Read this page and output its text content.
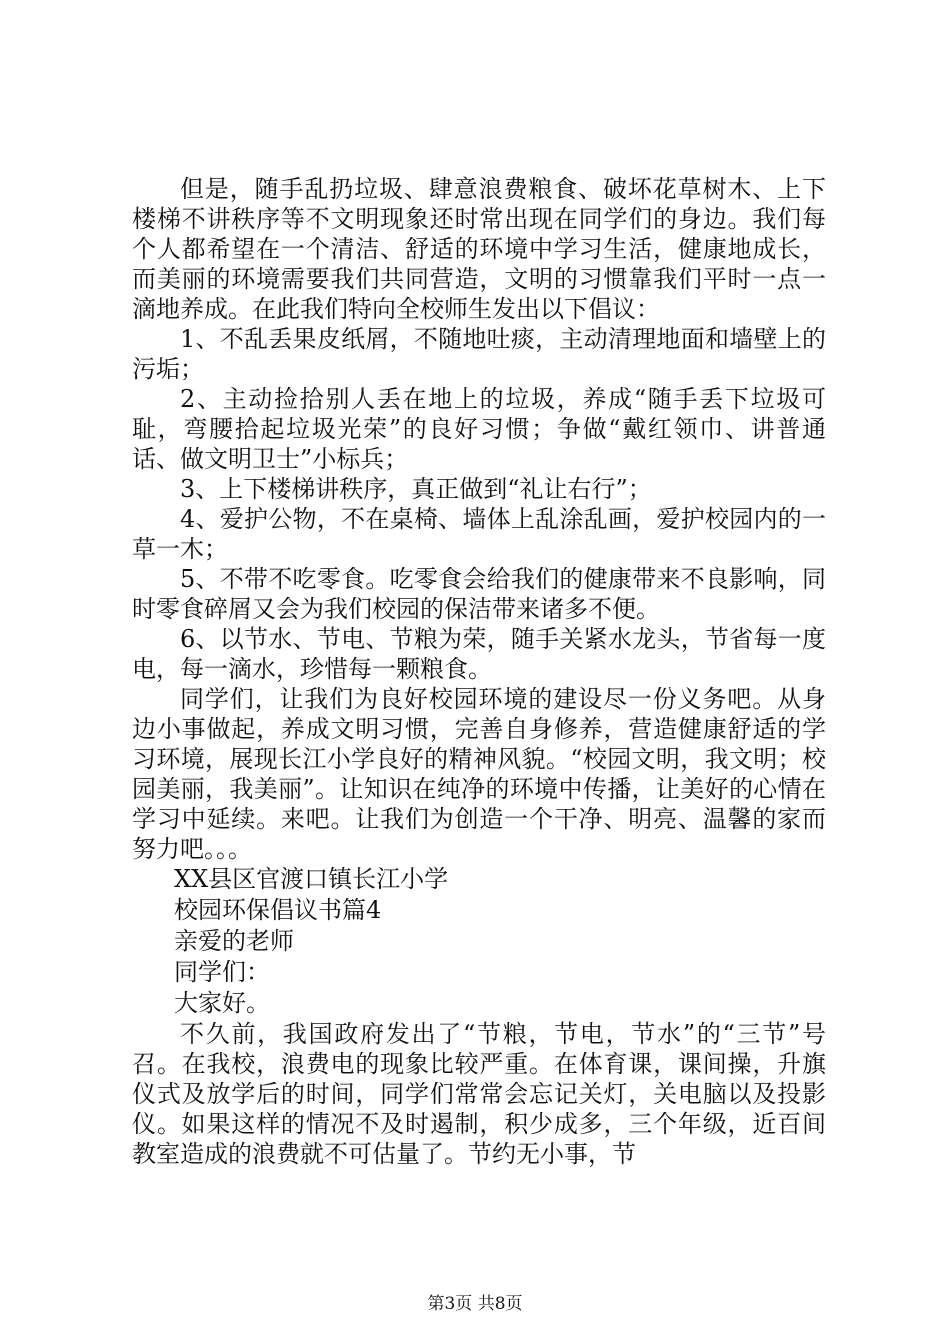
但是，随手乱扔垃圾、肆意浪费粮食、破坏花草树木、上下楼梯不讲秩序等不文明现象还时常出现在同学们的身边。我们每个人都希望在一个清洁、舒适的环境中学习生活，健康地成长，而美丽的环境需要我们共同营造，文明的习惯靠我们平时一点一滴地养成。在此我们特向全校师生发出以下倡议：

1、不乱丢果皮纸屑，不随地吐痰，主动清理地面和墙壁上的污垢；

2、主动捡拾别人丢在地上的垃圾，养成“随手丢下垃圾可耻，弯腰拾起垃圾光荣”的良好习惯；争做“戴红领巾、讲普通话、做文明卫士”小标兵；

3、上下楼梯讲秩序，真正做到“礼让右行”；

4、爱护公物，不在桌椅、墙体上乱涂乱画，爱护校园内的一草一木；

5、不带不吃零食。吃零食会给我们的健康带来不良影响，同时零食碎屑又会为我们校园的保洁带来诸多不便。

6、以节水、节电、节粮为荣，随手关紧水龙头，节省每一度电，每一滴水，珍惜每一颗粮食。

同学们，让我们为良好校园环境的建设尽一份义务吧。从身边小事做起，养成文明习惯，完善自身修养，营造健康舒适的学习环境，展现长江小学良好的精神风貌。“校园文明，我文明；校园美丽，我美丽”。让知识在纯净的环境中传播，让美好的心情在学习中延续。来吧。让我们为创造一个干净、明亮、温馨的家而努力吧。。。

XX县区官渡口镇长江小学

校园环保倡议书篇4

亲爱的老师

同学们：

大家好。

不久前，我国政府发出了“节粮，节电，节水”的“三节”号召。在我校，浪费电的现象比较严重。在体育课，课间操，升旗仪式及放学后的时间，同学们常常会忘记关灯，关电脑以及投影仪。如果这样的情况不及时遏制，积少成多，三个年级，近百间教室造成的浪费就不可估量了。节约无小事，节

第3页 共8页
